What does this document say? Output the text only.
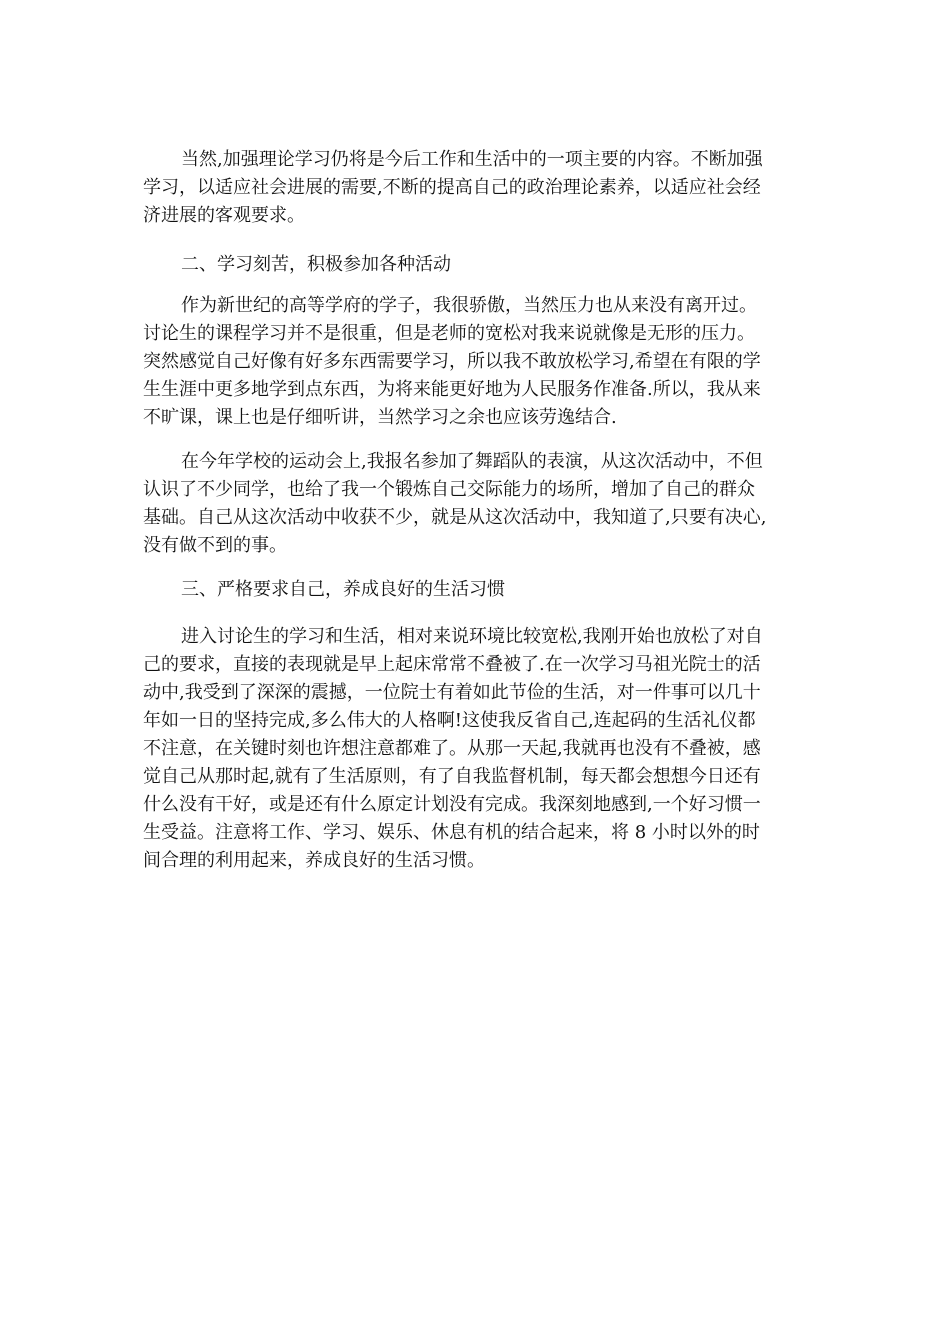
当然,加强理论学习仍将是今后工作和生活中的一项主要的内容。不断加强
学习，以适应社会进展的需要,不断的提高自己的政治理论素养，以适应社会经
济进展的客观要求。
二、学习刻苦，积极参加各种活动
作为新世纪的高等学府的学子，我很骄傲，当然压力也从来没有离开过。
讨论生的课程学习并不是很重，但是老师的宽松对我来说就像是无形的压力。
突然感觉自己好像有好多东西需要学习，所以我不敢放松学习,希望在有限的学
生生涯中更多地学到点东西，为将来能更好地为人民服务作准备.所以，我从来
不旷课，课上也是仔细听讲，当然学习之余也应该劳逸结合.
在今年学校的运动会上,我报名参加了舞蹈队的表演，从这次活动中，不但
认识了不少同学，也给了我一个锻炼自己交际能力的场所，增加了自己的群众
基础。自己从这次活动中收获不少，就是从这次活动中，我知道了,只要有决心,
没有做不到的事。
三、严格要求自己，养成良好的生活习惯
进入讨论生的学习和生活，相对来说环境比较宽松,我刚开始也放松了对自
己的要求，直接的表现就是早上起床常常不叠被了.在一次学习马祖光院士的活
动中,我受到了深深的震撼，一位院士有着如此节俭的生活，对一件事可以几十
年如一日的坚持完成,多么伟大的人格啊!这使我反省自己,连起码的生活礼仪都
不注意，在关键时刻也许想注意都难了。从那一天起,我就再也没有不叠被，感
觉自己从那时起,就有了生活原则，有了自我监督机制，每天都会想想今日还有
什么没有干好，或是还有什么原定计划没有完成。我深刻地感到,一个好习惯一
生受益。注意将工作、学习、娱乐、休息有机的结合起来，将 8 小时以外的时
间合理的利用起来，养成良好的生活习惯。
